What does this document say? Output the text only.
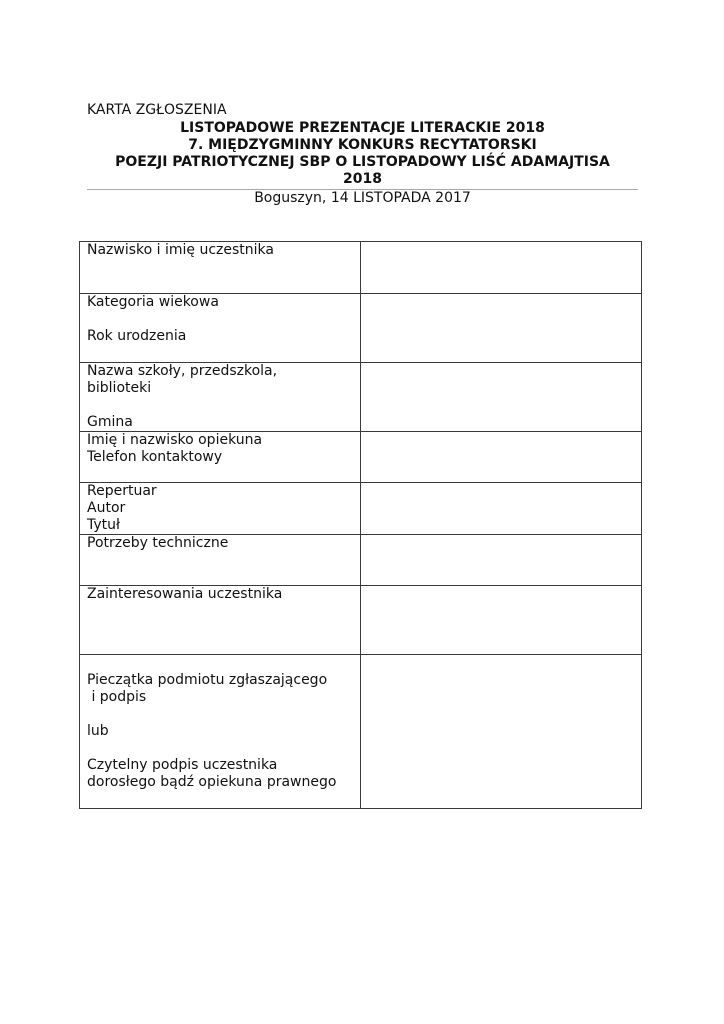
KARTA ZGŁOSZENIA
LISTOPADOWE PREZENTACJE LITERACKIE 2018
7. MIĘDZYGMINNY KONKURS RECYTATORSKI
POEZJI PATRIOTYCZNEJ SBP O LISTOPADOWY LIŚĆ ADAMAJTISA
2018
Boguszyn, 14 LISTOPADA 2017
Nazwisko i imię uczestnika	

Kategoria wiekowa
Rok urodzenia	

Nazwa szkoły, przedszkola,
biblioteki
Gmina	

Imię i nazwisko opiekuna
Telefon kontaktowy	

Repertuar
Autor
Tytuł	

Potrzeby techniczne	

Zainteresowania uczestnika	

Pieczątka podmiotu zgłaszającego
i podpis
lub
Czytelny podpis uczestnika
dorosłego bądź opiekuna prawnego	
